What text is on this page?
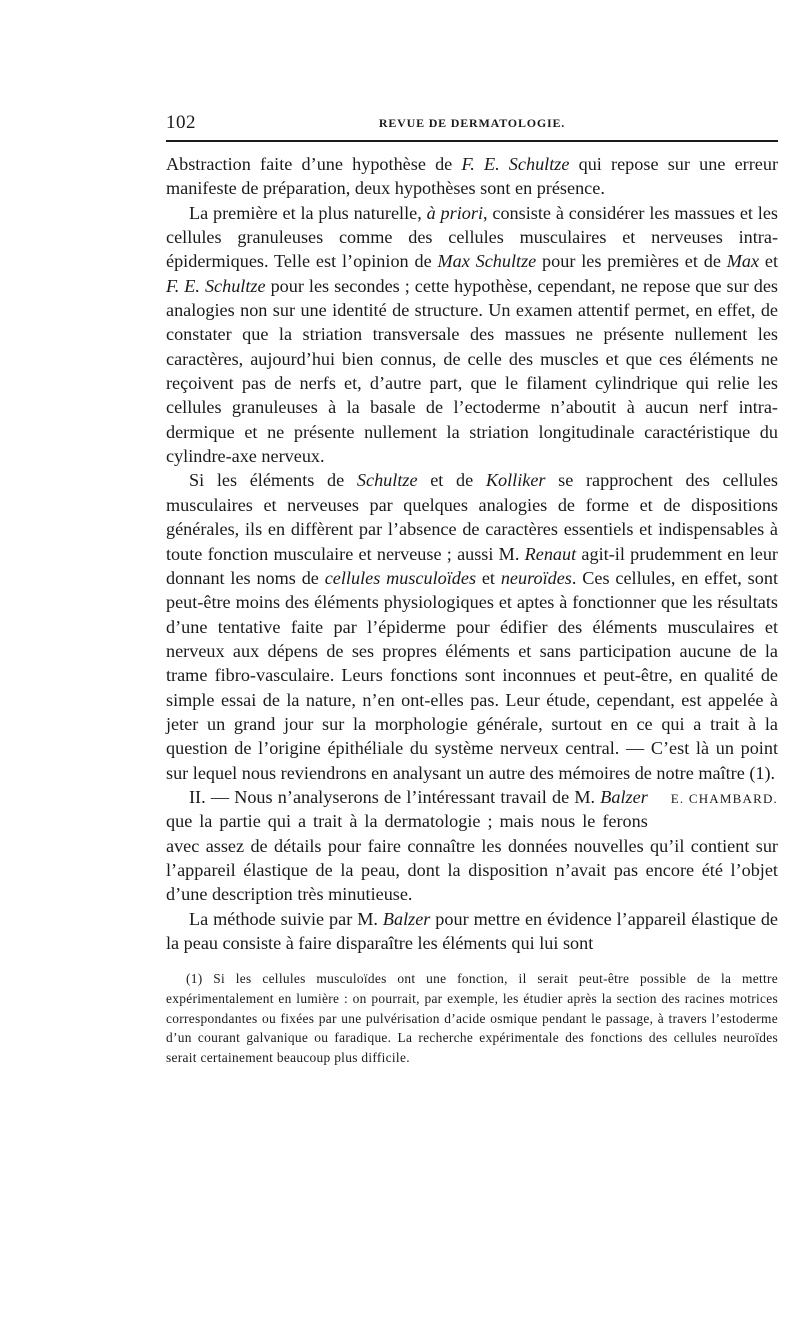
102	REVUE DE DERMATOLOGIE.

Abstraction faite d’une hypothèse de F. E. Schultze qui repose sur une erreur manifeste de préparation, deux hypothèses sont en présence.

La première et la plus naturelle, à priori, consiste à considérer les massues et les cellules granuleuses comme des cellules musculaires et nerveuses intra-épidermiques. Telle est l’opinion de Max Schultze pour les premières et de Max et F. E. Schultze pour les secondes ; cette hypothèse, cependant, ne repose que sur des analogies non sur une identité de structure. Un examen attentif permet, en effet, de constater que la striation transversale des massues ne présente nullement les caractères, aujourd’hui bien connus, de celle des muscles et que ces éléments ne reçoivent pas de nerfs et, d’autre part, que le filament cylindrique qui relie les cellules granuleuses à la basale de l’ectoderme n’aboutit à aucun nerf intra-dermique et ne présente nullement la striation longitudinale caractéristique du cylindre-axe nerveux.

Si les éléments de Schultze et de Kolliker se rapprochent des cellules musculaires et nerveuses par quelques analogies de forme et de dispositions générales, ils en diffèrent par l’absence de caractères essentiels et indispensables à toute fonction musculaire et nerveuse ; aussi M. Renaut agit-il prudemment en leur donnant les noms de cellules musculoïdes et neuroïdes. Ces cellules, en effet, sont peut-être moins des éléments physiologiques et aptes à fonctionner que les résultats d’une tentative faite par l’épiderme pour édifier des éléments musculaires et nerveux aux dépens de ses propres éléments et sans participation aucune de la trame fibro-vasculaire. Leurs fonctions sont inconnues et peut-être, en qualité de simple essai de la nature, n’en ont-elles pas. Leur étude, cependant, est appelée à jeter un grand jour sur la morphologie générale, surtout en ce qui a trait à la question de l’origine épithéliale du système nerveux central. — C’est là un point sur lequel nous reviendrons en analysant un autre des mémoires de notre maître (1).
E. CHAMBARD.

II. — Nous n’analyserons de l’intéressant travail de M. Balzer que la partie qui a trait à la dermatologie ; mais nous le ferons avec assez de détails pour faire connaître les données nouvelles qu’il contient sur l’appareil élastique de la peau, dont la disposition n’avait pas encore été l’objet d’une description très minutieuse.

La méthode suivie par M. Balzer pour mettre en évidence l’appareil élastique de la peau consiste à faire disparaître les éléments qui lui sont

(1) Si les cellules musculoïdes ont une fonction, il serait peut-être possible de la mettre expérimentalement en lumière : on pourrait, par exemple, les étudier après la section des racines motrices correspondantes ou fixées par une pulvérisation d’acide osmique pendant le passage, à travers l’estoderme d’un courant galvanique ou faradique. La recherche expérimentale des fonctions des cellules neuroïdes serait certainement beaucoup plus difficile.
